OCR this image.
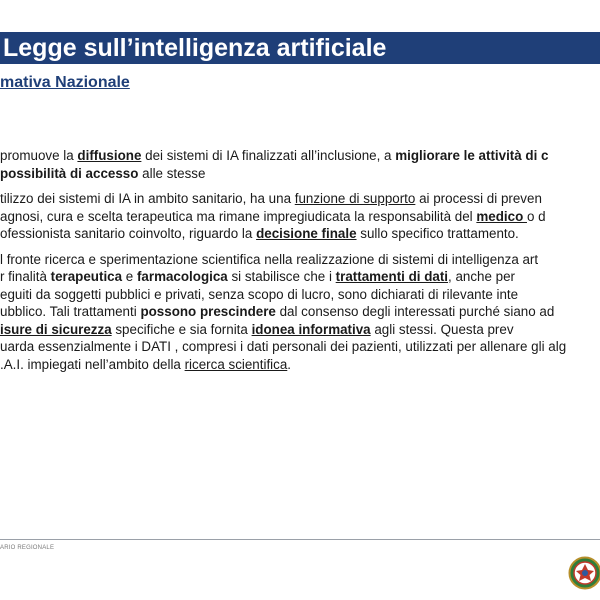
Legge sull’intelligenza artificiale
mativa Nazionale
promuove la diffusione dei sistemi di IA finalizzati all’inclusione, a migliorare le attività di c
possibilità di accesso alle stesse
tilizzo dei sistemi di IA in ambito sanitario, ha una funzione di supporto ai processi di preven
agnosi, cura e scelta terapeutica ma rimane impregiudicata la responsabilità del medico o d
ofessionista sanitario coinvolto, riguardo la decisione finale sullo specifico trattamento.
l fronte ricerca e sperimentazione scientifica nella realizzazione di sistemi di intelligenza art
r finalità terapeutica e farmacologica si stabilisce che i trattamenti di dati, anche per
eguiti da soggetti pubblici e privati, senza scopo di lucro, sono dichiarati di rilevante inte
ubblico. Tali trattamenti possono prescindere dal consenso degli interessati purché siano ad
isure di sicurezza specifiche e sia fornita idonea informativa agli stessi. Questa prev
uarda essenzialmente i DATI , compresi i dati personali dei pazienti, utilizzati per allenare gli alg
.A.I. impiegati nell’ambito della ricerca scientifica.
ARIO REGIONALE
